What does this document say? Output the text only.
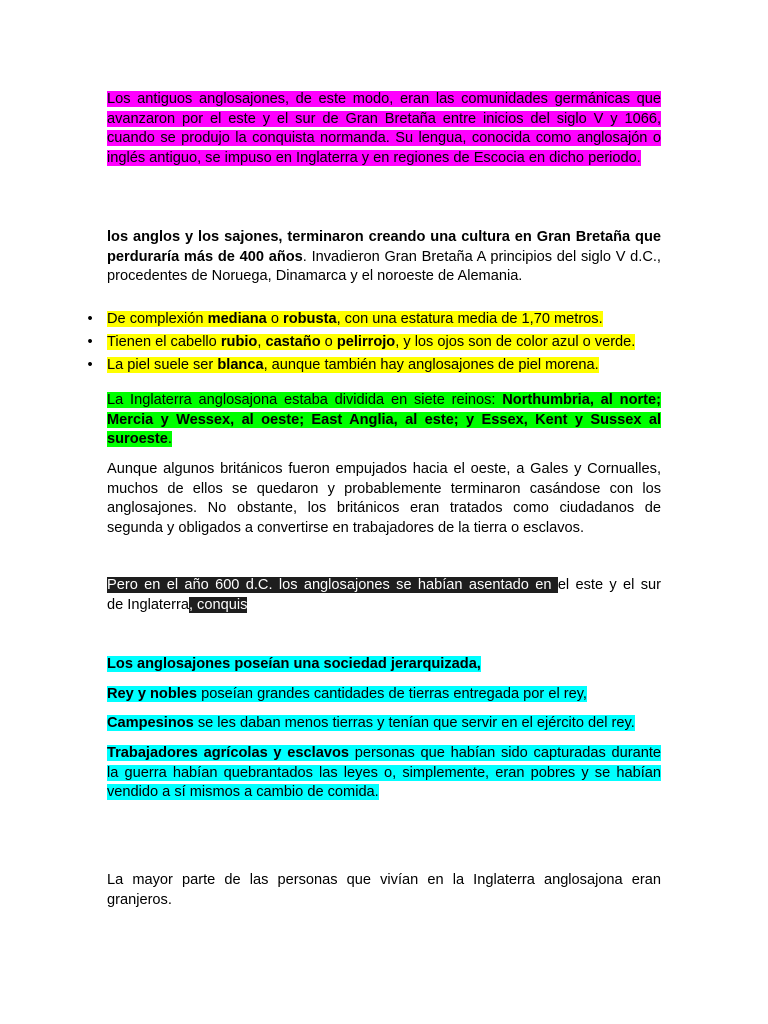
Los antiguos anglosajones, de este modo, eran las comunidades germánicas que avanzaron por el este y el sur de Gran Bretaña entre inicios del siglo V y 1066, cuando se produjo la conquista normanda. Su lengua, conocida como anglosajón o inglés antiguo, se impuso en Inglaterra y en regiones de Escocia en dicho periodo.
los anglos y los sajones, terminaron creando una cultura en Gran Bretaña que perduraría más de 400 años. Invadieron Gran Bretaña A principios del siglo V d.C., procedentes de Noruega, Dinamarca y el noroeste de Alemania.
• De complexión mediana o robusta, con una estatura media de 1,70 metros.
• Tienen el cabello rubio, castaño o pelirrojo, y los ojos son de color azul o verde.
• La piel suele ser blanca, aunque también hay anglosajones de piel morena.
La Inglaterra anglosajona estaba dividida en siete reinos: Northumbria, al norte; Mercia y Wessex, al oeste; East Anglia, al este; y Essex, Kent y Sussex al suroeste.
Aunque algunos británicos fueron empujados hacia el oeste, a Gales y Cornualles, muchos de ellos se quedaron y probablemente terminaron casándose con los anglosajones. No obstante, los británicos eran tratados como ciudadanos de segunda y obligados a convertirse en trabajadores de la tierra o esclavos.
Pero en el año 600 d.C. los anglosajones se habían asentado en el este y el sur
de Inglaterra, conquis
Los anglosajones poseían una sociedad jerarquizada,
Rey y nobles poseían grandes cantidades de tierras entregada por el rey,
Campesinos se les daban menos tierras y tenían que servir en el ejército del rey.
Trabajadores agrícolas y esclavos personas que habían sido capturadas durante la guerra habían quebrantados las leyes o, simplemente, eran pobres y se habían vendido a sí mismos a cambio de comida.
La mayor parte de las personas que vivían en la Inglaterra anglosajona eran granjeros.
